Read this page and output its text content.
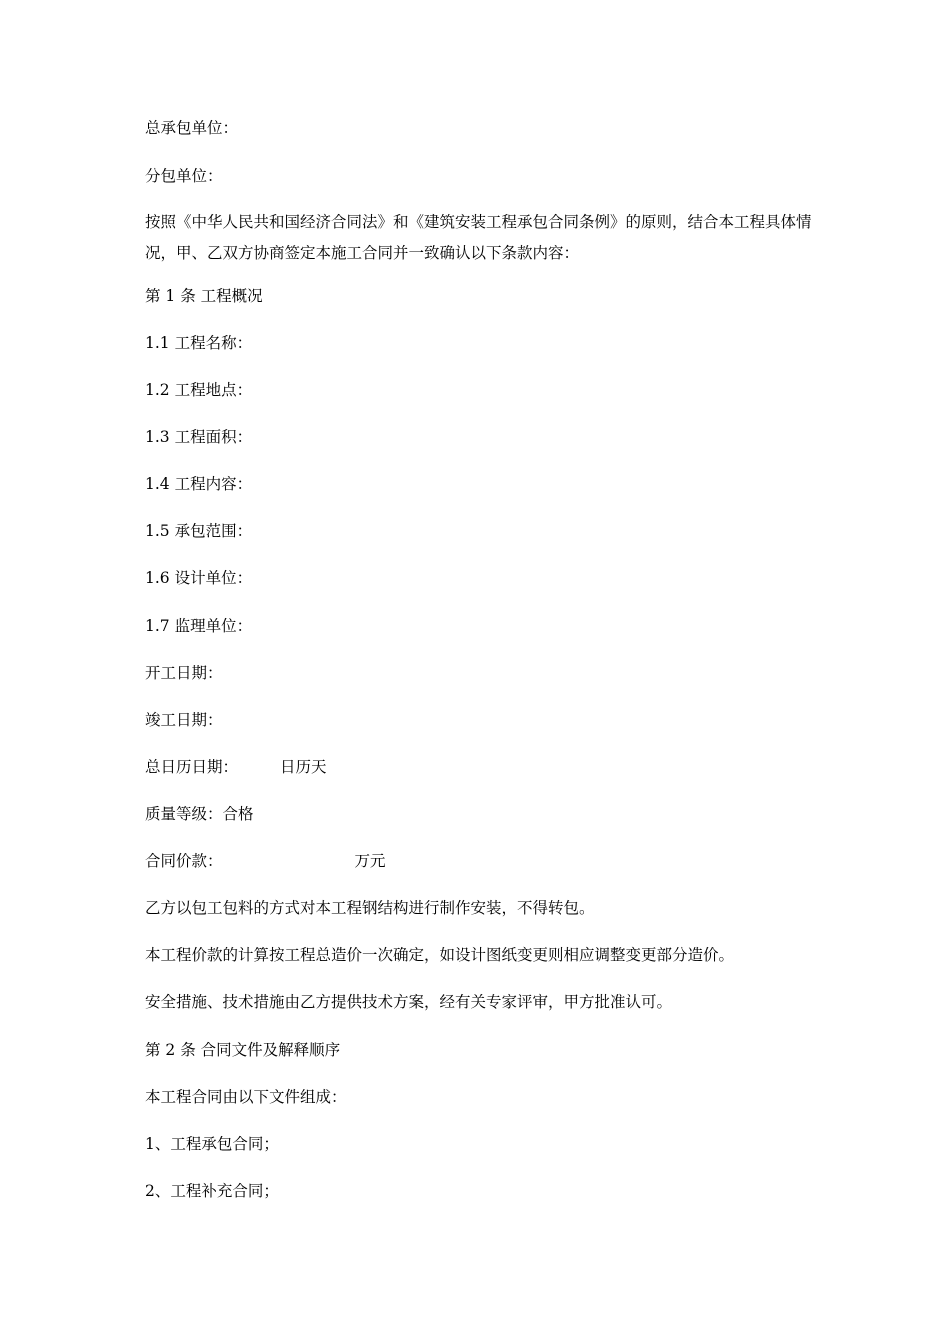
总承包单位：
分包单位：
按照《中华人民共和国经济合同法》和《建筑安装工程承包合同条例》的原则，结合本工程具体情况，甲、乙双方协商签定本施工合同并一致确认以下条款内容：
第 1 条 工程概况
1.1 工程名称：
1.2 工程地点：
1.3 工程面积：
1.4 工程内容：
1.5 承包范围：
1.6 设计单位：
1.7 监理单位：
开工日期：
竣工日期：
总日历日期：	日历天
质量等级：合格
合同价款：	万元
乙方以包工包料的方式对本工程钢结构进行制作安装，不得转包。
本工程价款的计算按工程总造价一次确定，如设计图纸变更则相应调整变更部分造价。
安全措施、技术措施由乙方提供技术方案，经有关专家评审，甲方批准认可。
第 2 条 合同文件及解释顺序
本工程合同由以下文件组成：
1、工程承包合同；
2、工程补充合同；
